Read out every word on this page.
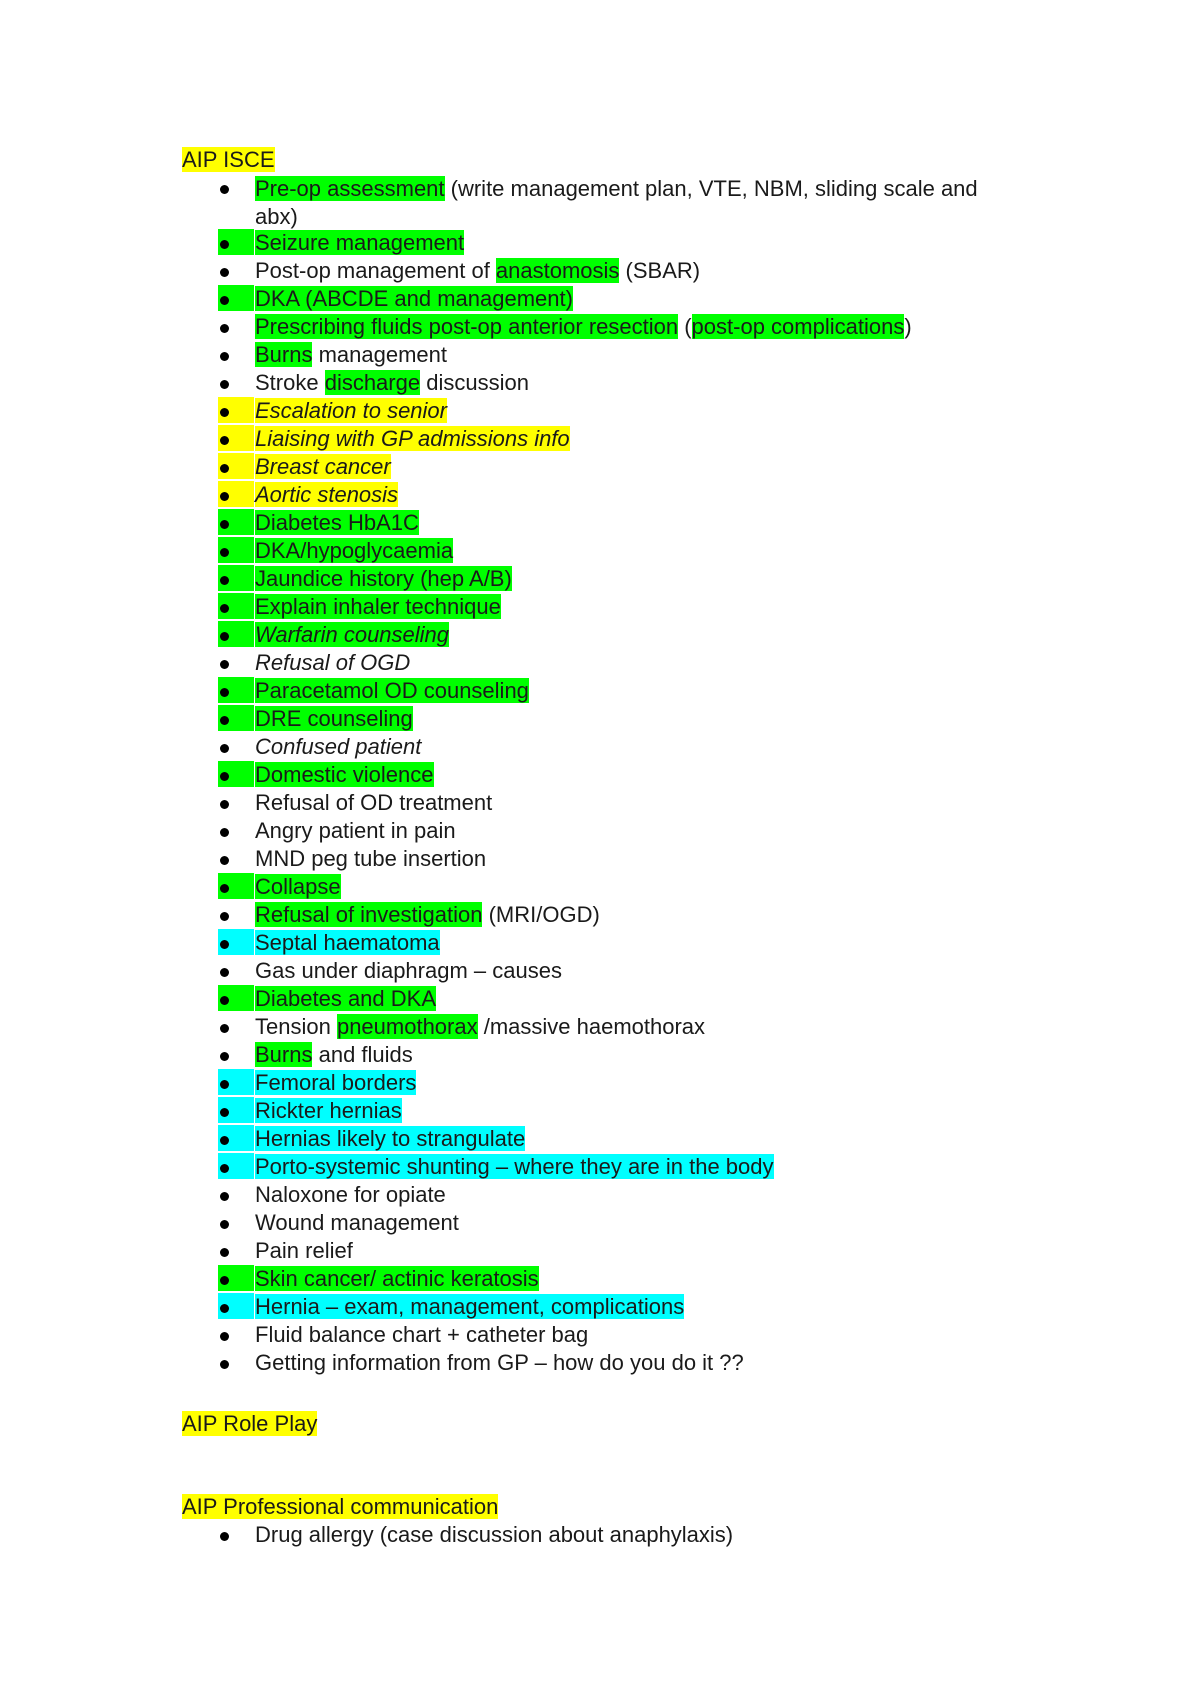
AIP ISCE
Pre-op assessment (write management plan, VTE, NBM, sliding scale and abx)
Seizure management
Post-op management of anastomosis (SBAR)
DKA (ABCDE and management)
Prescribing fluids post-op anterior resection (post-op complications)
Burns management
Stroke discharge discussion
Escalation to senior
Liaising with GP admissions info
Breast cancer
Aortic stenosis
Diabetes HbA1C
DKA/hypoglycaemia
Jaundice history (hep A/B)
Explain inhaler technique
Warfarin counseling
Refusal of OGD
Paracetamol OD counseling
DRE counseling
Confused patient
Domestic violence
Refusal of OD treatment
Angry patient in pain
MND peg tube insertion
Collapse
Refusal of investigation (MRI/OGD)
Septal haematoma
Gas under diaphragm – causes
Diabetes and DKA
Tension pneumothorax /massive haemothorax
Burns and fluids
Femoral borders
Rickter hernias
Hernias likely to strangulate
Porto-systemic shunting – where they are in the body
Naloxone for opiate
Wound management
Pain relief
Skin cancer/ actinic keratosis
Hernia – exam, management, complications
Fluid balance chart + catheter bag
Getting information from GP – how do you do it ??
AIP Role Play
AIP Professional communication
Drug allergy (case discussion about anaphylaxis)
